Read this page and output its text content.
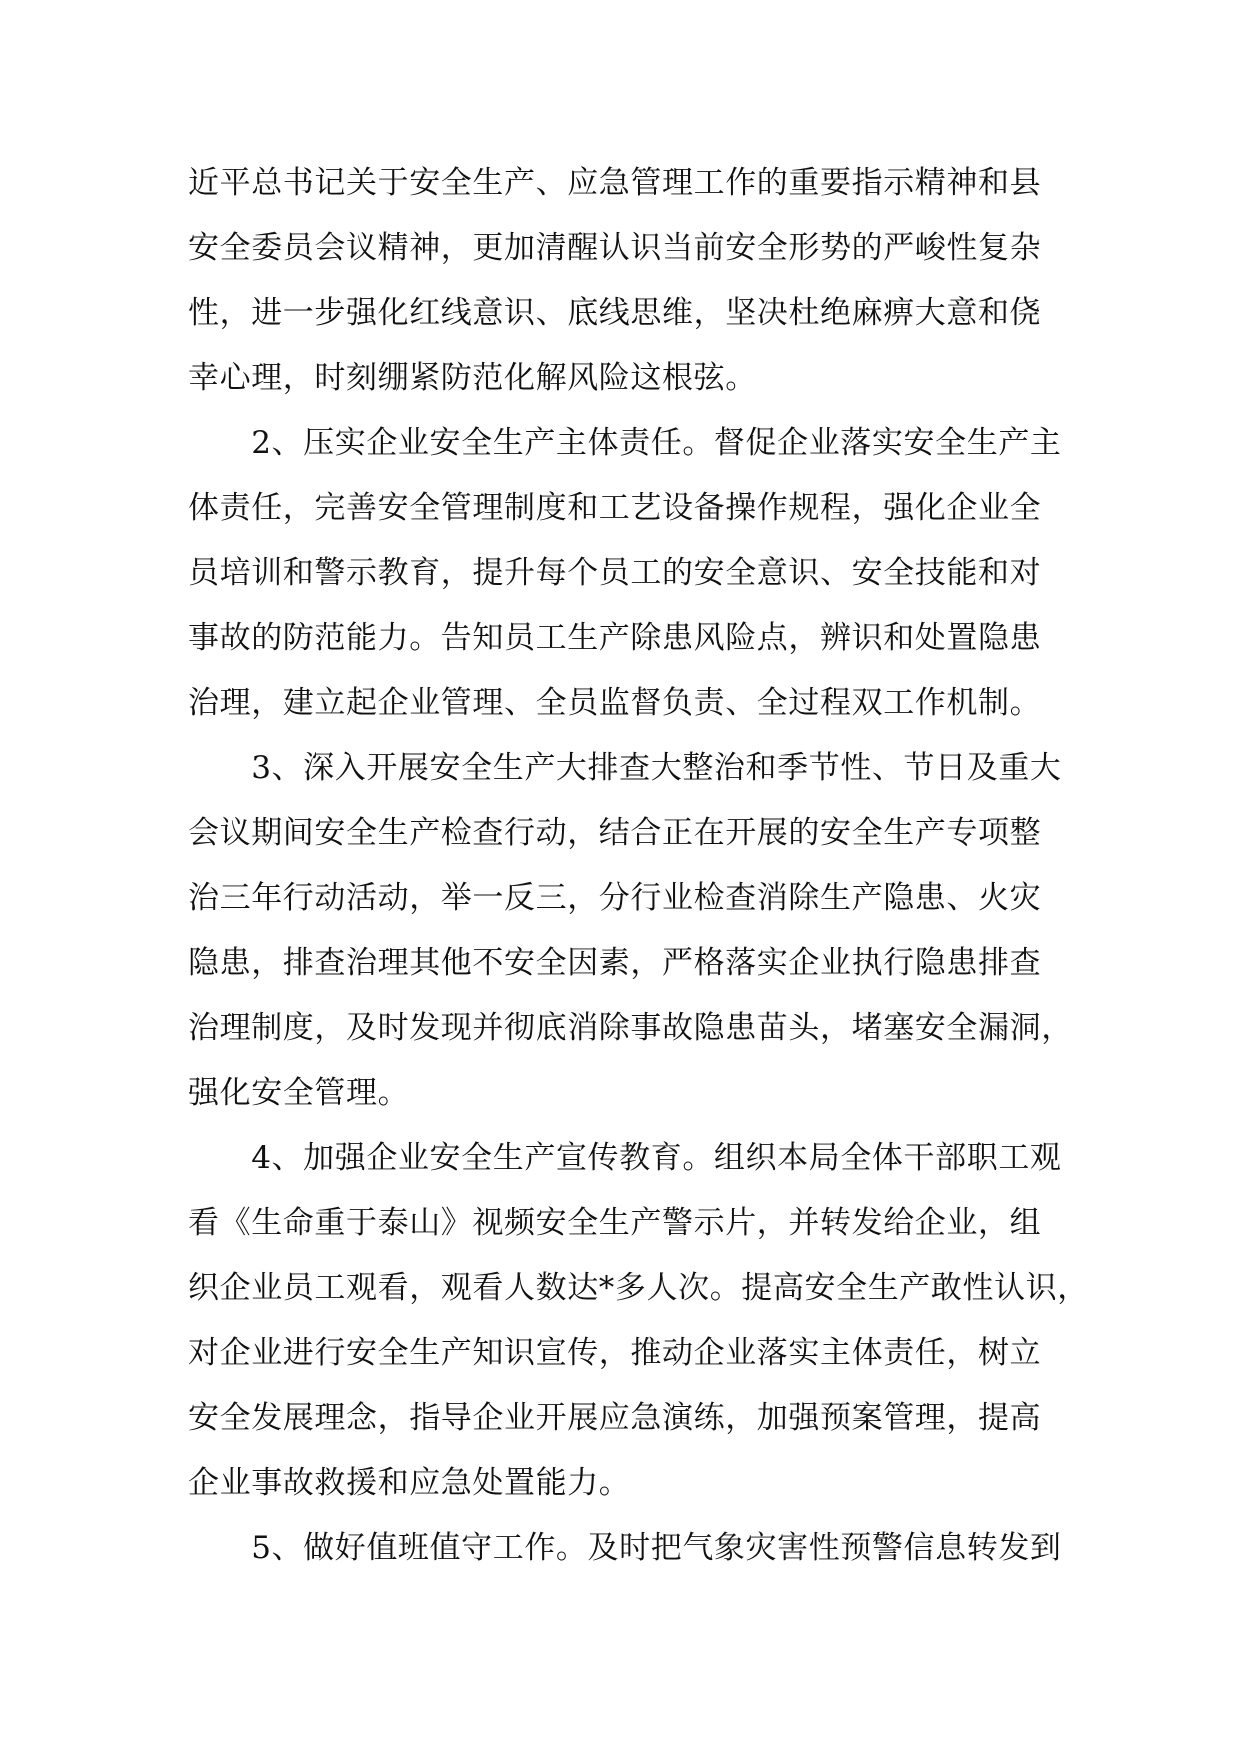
近平总书记关于安全生产、应急管理工作的重要指示精神和县
安全委员会议精神，更加清醒认识当前安全形势的严峻性复杂
性，进一步强化红线意识、底线思维，坚决杜绝麻痹大意和侥
幸心理，时刻绷紧防范化解风险这根弦。
　　2、压实企业安全生产主体责任。督促企业落实安全生产主
体责任，完善安全管理制度和工艺设备操作规程，强化企业全
员培训和警示教育，提升每个员工的安全意识、安全技能和对
事故的防范能力。告知员工生产除患风险点，辨识和处置隐患
治理，建立起企业管理、全员监督负责、全过程双工作机制。
　　3、深入开展安全生产大排查大整治和季节性、节日及重大
会议期间安全生产检查行动，结合正在开展的安全生产专项整
治三年行动活动，举一反三，分行业检查消除生产隐患、火灾
隐患，排查治理其他不安全因素，严格落实企业执行隐患排查
治理制度，及时发现并彻底消除事故隐患苗头，堵塞安全漏洞，
强化安全管理。
　　4、加强企业安全生产宣传教育。组织本局全体干部职工观
看《生命重于泰山》视频安全生产警示片，并转发给企业，组
织企业员工观看，观看人数达*多人次。提高安全生产敢性认识，
对企业进行安全生产知识宣传，推动企业落实主体责任，树立
安全发展理念，指导企业开展应急演练，加强预案管理，提高
企业事故救援和应急处置能力。
　　5、做好值班值守工作。及时把气象灾害性预警信息转发到
